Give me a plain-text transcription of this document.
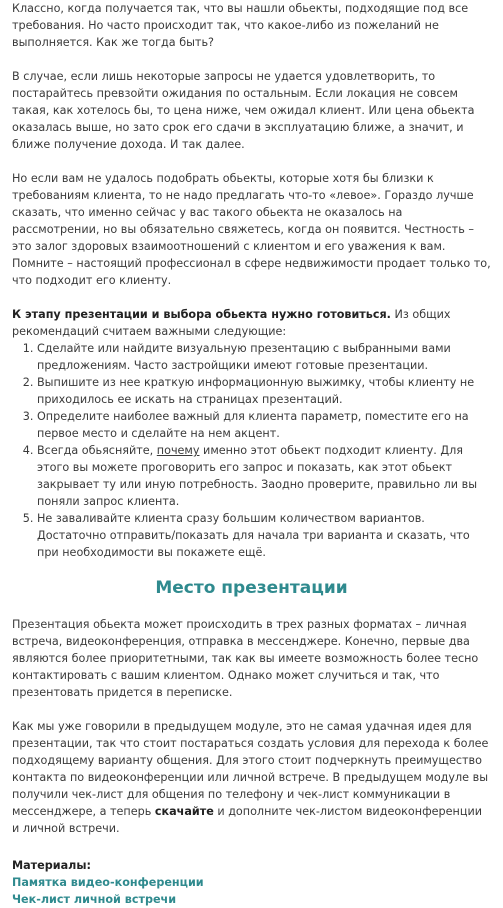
Классно, когда получается так, что вы нашли обьекты, подходящие под все требования. Но часто происходит так, что какое-либо из пожеланий не выполняется. Как же тогда быть?

В случае, если лишь некоторые запросы не удается удовлетворить, то постарайтесь превзойти ожидания по остальным. Если локация не совсем такая, как хотелось бы, то цена ниже, чем ожидал клиент. Или цена обьекта оказалась выше, но зато срок его сдачи в эксплуатацию ближе, а значит, и ближе получение дохода. И так далее.

Но если вам не удалось подобрать обьекты, которые хотя бы близки к требованиям клиента, то не надо предлагать что-то «левое». Гораздо лучше сказать, что именно сейчас у вас такого обьекта не оказалось на рассмотрении, но вы обязательно свяжетесь, когда он появится. Честность – это залог здоровых взаимоотношений с клиентом и его уважения к вам. Помните – настоящий профессионал в сфере недвижимости продает только то, что подходит его клиенту.

К этапу презентации и выбора обьекта нужно готовиться. Из общих рекомендаций считаем важными следующие:

1. Сделайте или найдите визуальную презентацию с выбранными вами предложениям. Часто застройщики имеют готовые презентации.
2. Выпишите из нее краткую информационную выжимку, чтобы клиенту не приходилось ее искать на страницах презентаций.
3. Определите наиболее важный для клиента параметр, поместите его на первое место и сделайте на нем акцент.
4. Всегда обьясняйте, почему именно этот обьект подходит клиенту. Для этого вы можете проговорить его запрос и показать, как этот обьект закрывает ту или иную потребность. Заодно проверите, правильно ли вы поняли запрос клиента.
5. Не заваливайте клиента сразу большим количеством вариантов. Достаточно отправить/показать для начала три варианта и сказать, что при необходимости вы покажете ещё.
Место презентации

Презентация обьекта может происходить в трех разных форматах – личная встреча, видеоконференция, отправка в мессенджере. Конечно, первые два являются более приоритетными, так как вы имеете возможность более тесно контактировать с вашим клиентом. Однако может случиться и так, что презентовать придется в переписке.

Как мы уже говорили в предыдущем модуле, это не самая удачная идея для презентации, так что стоит постараться создать условия для перехода к более подходящему варианту общения. Для этого стоит подчеркнуть преимущество контакта по видеоконференции или личной встрече. В предыдущем модуле вы получили чек-лист для общения по телефону и чек-лист коммуникации в мессенджере, а теперь скачайте и дополните чек-листом видеоконференции и личной встречи.

Материалы:

Памятка видео-конференции
Чек-лист личной встречи
